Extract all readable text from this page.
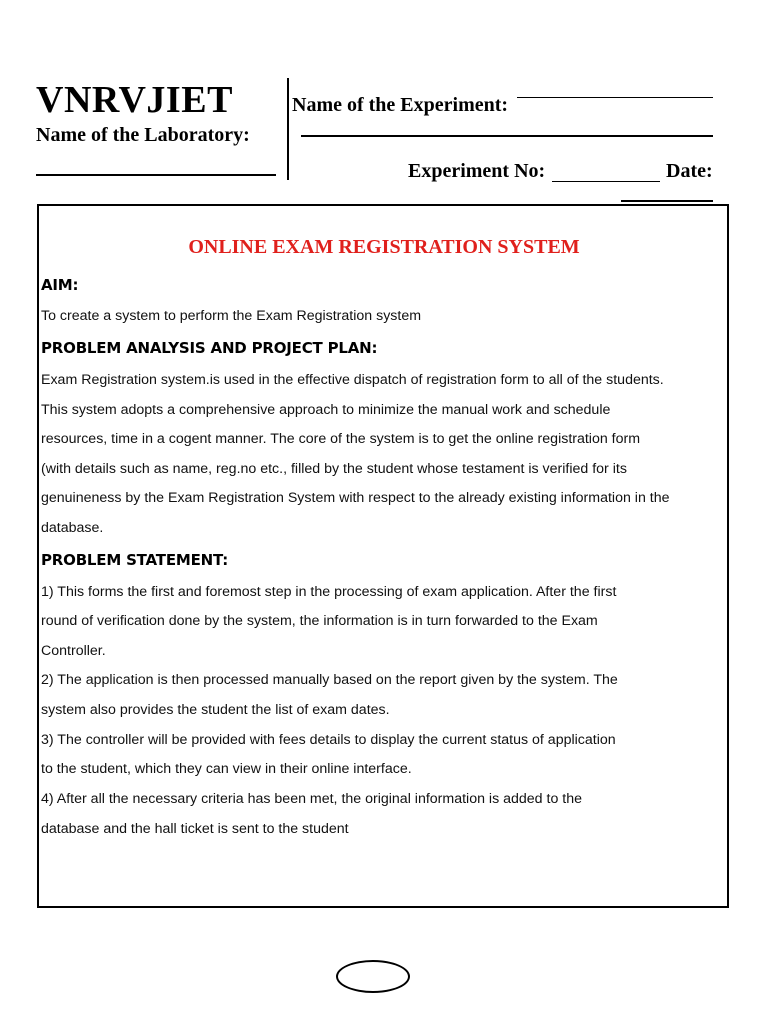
VNRVJIET
Name of the Laboratory:
Name of the Experiment:
Experiment No:	Date:
ONLINE EXAM REGISTRATION SYSTEM
AIM:
To create a system to perform the Exam Registration system
PROBLEM ANALYSIS AND PROJECT PLAN:
Exam Registration system.is used in the effective dispatch of registration form to all of the students.
This system adopts a comprehensive approach to minimize the manual work and schedule
resources, time in a cogent manner. The core of the system is to get the online registration form
(with details such as name, reg.no etc., filled by the student whose testament is verified for its
genuineness by the Exam Registration System with respect to the already existing information in the
database.
PROBLEM STATEMENT:
1) This forms the first and foremost step in the processing of exam application. After the first
round of verification done by the system, the information is in turn forwarded to the Exam
Controller.
2) The application is then processed manually based on the report given by the system. The
system also provides the student the list of exam dates.
3) The controller will be provided with fees details to display the current status of application
to the student, which they can view in their online interface.
4) After all the necessary criteria has been met, the original information is added to the
database and the hall ticket is sent to the student
